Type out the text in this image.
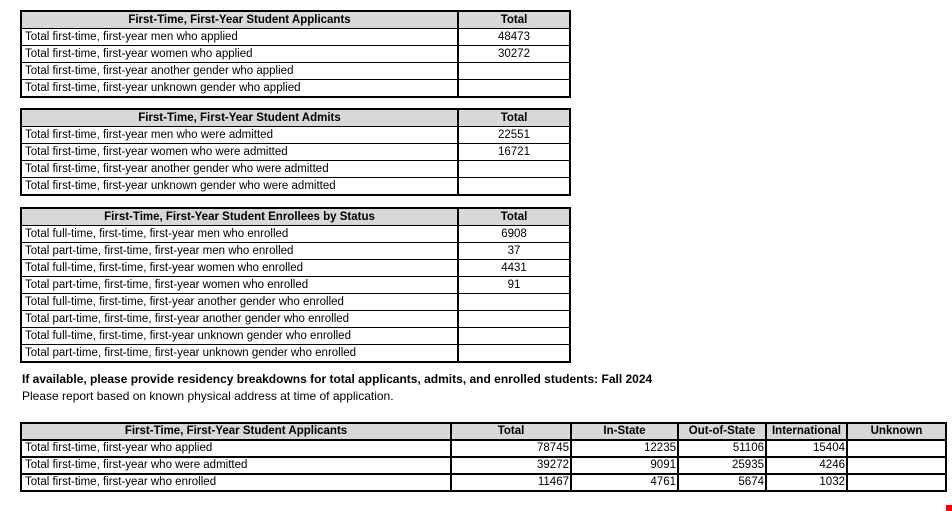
First-Time, First-Year Student Applicants	Total
Total first-time, first-year men who applied	48473
Total first-time, first-year women who applied	30272
Total first-time, first-year another gender who applied	
Total first-time, first-year unknown gender who applied	
First-Time, First-Year Student Admits	Total
Total first-time, first-year men who were admitted	22551
Total first-time, first-year women who were admitted	16721
Total first-time, first-year another gender who were admitted	
Total first-time, first-year unknown gender who were admitted	
First-Time, First-Year Student Enrollees by Status	Total
Total full-time, first-time, first-year men who enrolled	6908
Total part-time, first-time, first-year men who enrolled	37
Total full-time, first-time, first-year women who enrolled	4431
Total part-time, first-time, first-year women who enrolled	91
Total full-time, first-time, first-year another gender who enrolled	
Total part-time, first-time, first-year another gender who enrolled	
Total full-time, first-time, first-year unknown gender who enrolled	
Total part-time, first-time, first-year unknown gender who enrolled	
If available, please provide residency breakdowns for total applicants, admits, and enrolled students: Fall 2024
Please report based on known physical address at time of application.
First-Time, First-Year Student Applicants	Total	In-State	Out-of-State	International	Unknown
Total first-time, first-year who applied	78745	12235	51106	15404	
Total first-time, first-year who were admitted	39272	9091	25935	4246	
Total first-time, first-year who enrolled	11467	4761	5674	1032	
